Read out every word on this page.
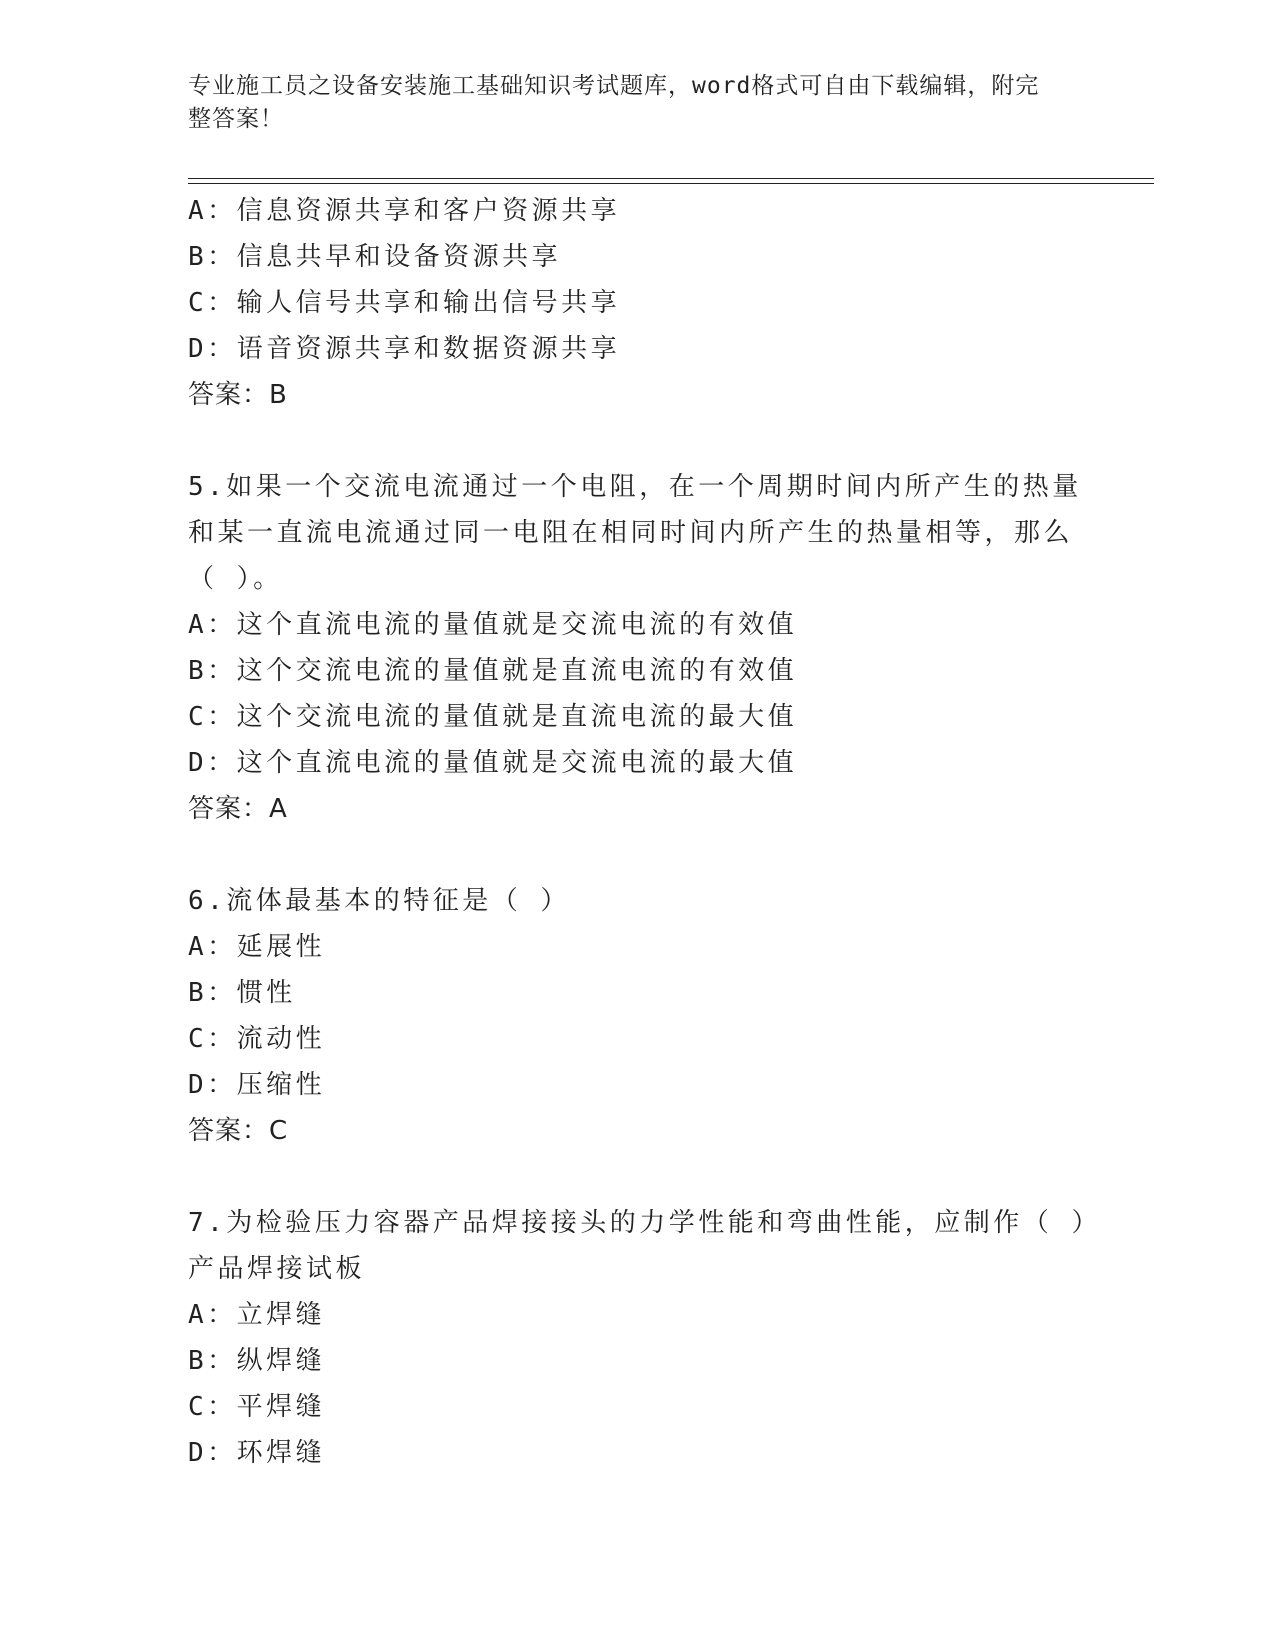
专业施工员之设备安装施工基础知识考试题库，word格式可自由下载编辑，附完
整答案！
A：信息资源共享和客户资源共享
B：信息共早和设备资源共享
C：输人信号共享和输出信号共享
D：语音资源共享和数据资源共享
答案：B
5.如果一个交流电流通过一个电阻，在一个周期时间内所产生的热量
和某一直流电流通过同一电阻在相同时间内所产生的热量相等，那么
（ ）。
A：这个直流电流的量值就是交流电流的有效值
B：这个交流电流的量值就是直流电流的有效值
C：这个交流电流的量值就是直流电流的最大值
D：这个直流电流的量值就是交流电流的最大值
答案：A
6.流体最基本的特征是（ ）
A：延展性
B：惯性
C：流动性
D：压缩性
答案：C
7.为检验压力容器产品焊接接头的力学性能和弯曲性能，应制作（ ）
产品焊接试板
A：立焊缝
B：纵焊缝
C：平焊缝
D：环焊缝
